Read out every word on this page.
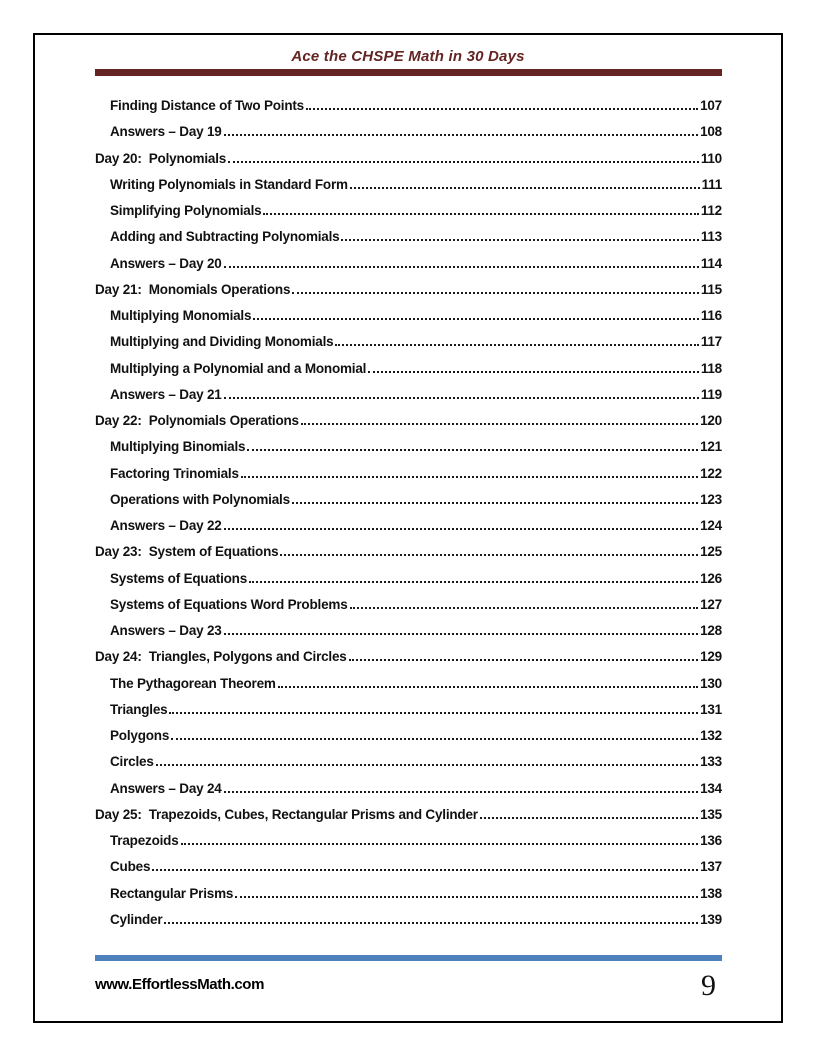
Ace the CHSPE Math in 30 Days
Finding Distance of Two Points	107
Answers – Day 19	108
Day 20:  Polynomials	110
Writing Polynomials in Standard Form	111
Simplifying Polynomials	112
Adding and Subtracting Polynomials	113
Answers – Day 20	114
Day 21:  Monomials Operations	115
Multiplying Monomials	116
Multiplying and Dividing Monomials	117
Multiplying a Polynomial and a Monomial	118
Answers – Day 21	119
Day 22:  Polynomials Operations	120
Multiplying Binomials	121
Factoring Trinomials	122
Operations with Polynomials	123
Answers – Day 22	124
Day 23:  System of Equations	125
Systems of Equations	126
Systems of Equations Word Problems	127
Answers – Day 23	128
Day 24:  Triangles, Polygons and Circles	129
The Pythagorean Theorem	130
Triangles	131
Polygons	132
Circles	133
Answers – Day 24	134
Day 25:  Trapezoids, Cubes, Rectangular Prisms and Cylinder	135
Trapezoids	136
Cubes	137
Rectangular Prisms	138
Cylinder	139
www.EffortlessMath.com	9
